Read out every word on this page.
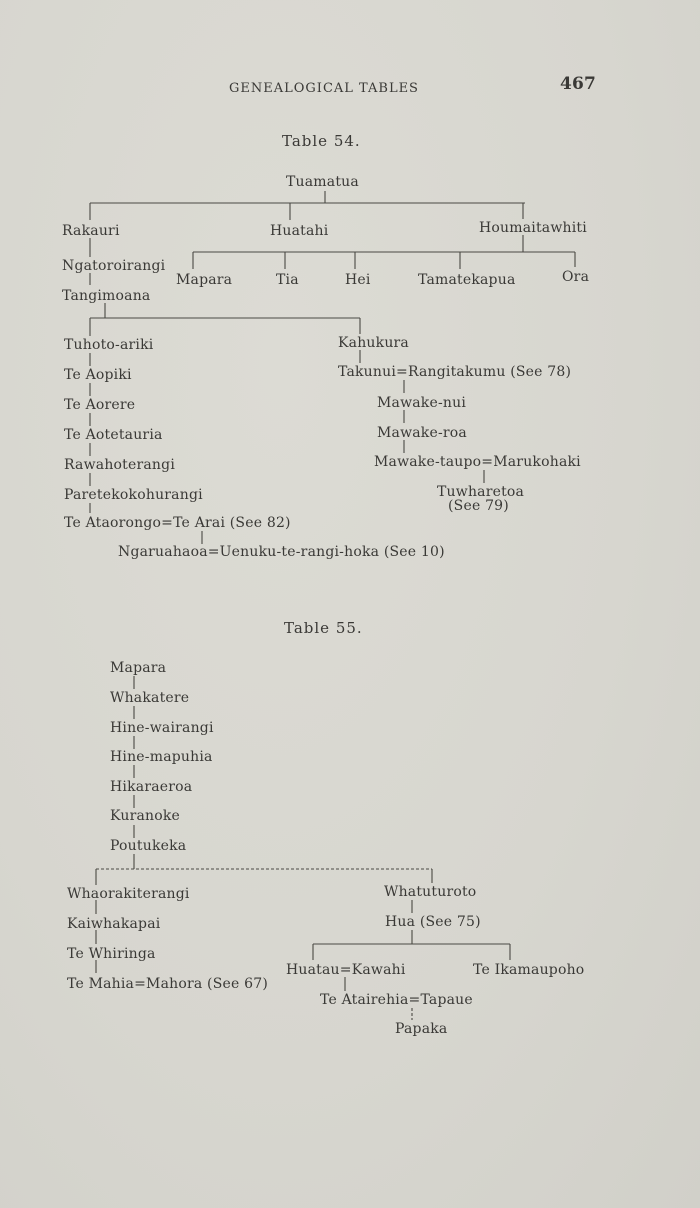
GENEALOGICAL TABLES	467
Table 54.
Tuamatua
Rakauri	Huatahi	Houmaitawhiti
Ngatoroirangi
Mapara	Tia	Hei	Tamatekapua	Ora
Tangimoana
Tuhoto-ariki
Te Aopiki
Te Aorere
Te Aotetauria
Rawahoterangi
Paretekokohurangi
Te Ataorongo=Te Arai (See 82)
Kahukura
Takunui=Rangitakumu (See 78)
Mawake-nui
Mawake-roa
Mawake-taupo=Marukohaki
Tuwharetoa
(See 79)
Ngaruahaoa=Uenuku-te-rangi-hoka (See 10)
Table 55.
Mapara
Whakatere
Hine-wairangi
Hine-mapuhia
Hikaraeroa
Kuranoke
Poutukeka
Whaorakiterangi
Kaiwhakapai
Te Whiringa
Te Mahia=Mahora (See 67)
Whatuturoto
Hua (See 75)
Huatau=Kawahi	Te Ikamaupoho
Te Atairehia=Tapaue
Papaka
